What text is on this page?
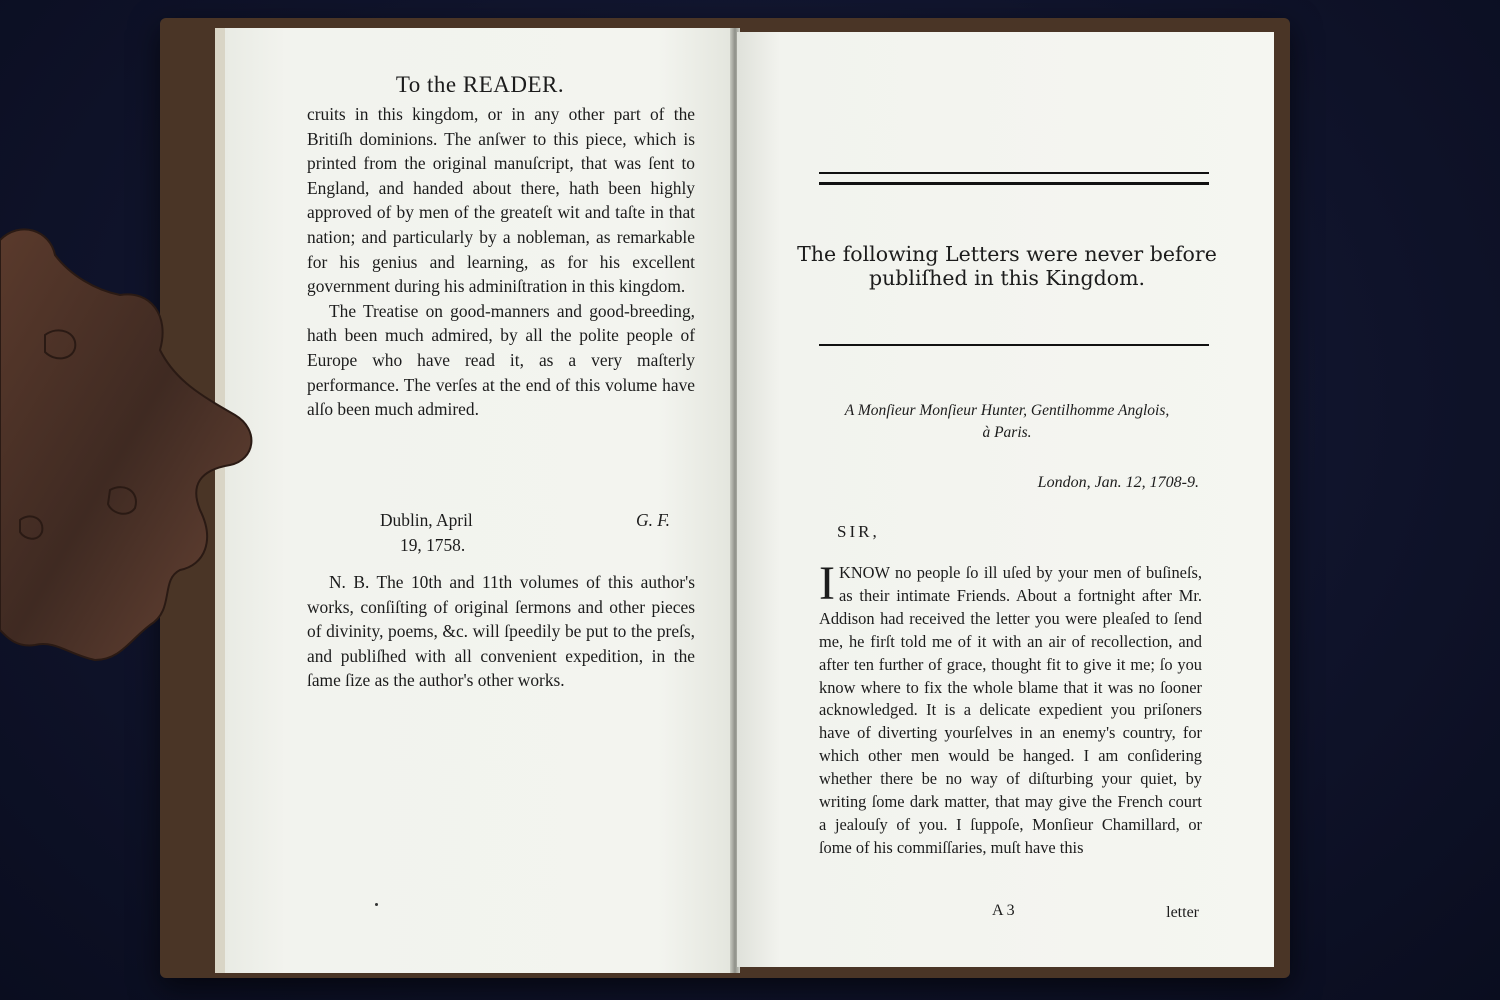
To the READER.

cruits in this kingdom, or in any other part of the Britiſh dominions. The anſwer to this piece, which is printed from the original manuſcript, that was ſent to England, and handed about there, hath been highly approved of by men of the greateſt wit and taſte in that nation; and particularly by a nobleman, as remarkable for his genius and learning, as for his excellent government during his adminiſtration in this kingdom.

The Treatise on good-manners and good-breeding, hath been much admired, by all the polite people of Europe who have read it, as a very maſterly performance. The verſes at the end of this volume have alſo been much admired.

Dublin, April
19, 1758.
G. F.
N. B. The 10th and 11th volumes of this author's works, conſiſting of original ſermons and other pieces of divinity, poems, &c. will ſpeedily be put to the preſs, and publiſhed with all convenient expedition, in the ſame ſize as the author's other works.
The following Letters were never before
publiſhed in this Kingdom.
A Monſieur Monſieur Hunter, Gentilhomme Anglois,
à Paris.
London, Jan. 12, 1708-9.
SIR,
IKNOW no people ſo ill uſed by your men of buſineſs, as their intimate Friends. About a fortnight after Mr. Addison had received the letter you were pleaſed to ſend me, he firſt told me of it with an air of recollection, and after ten further of grace, thought fit to give it me; ſo you know where to fix the whole blame that it was no ſooner acknowledged. It is a delicate expedient you priſoners have of diverting yourſelves in an enemy's country, for which other men would be hanged. I am conſidering whether there be no way of diſturbing your quiet, by writing ſome dark matter, that may give the French court a jealouſy of you. I ſuppoſe, Monſieur Chamillard, or ſome of his commiſſaries, muſt have this
A 3	letter
